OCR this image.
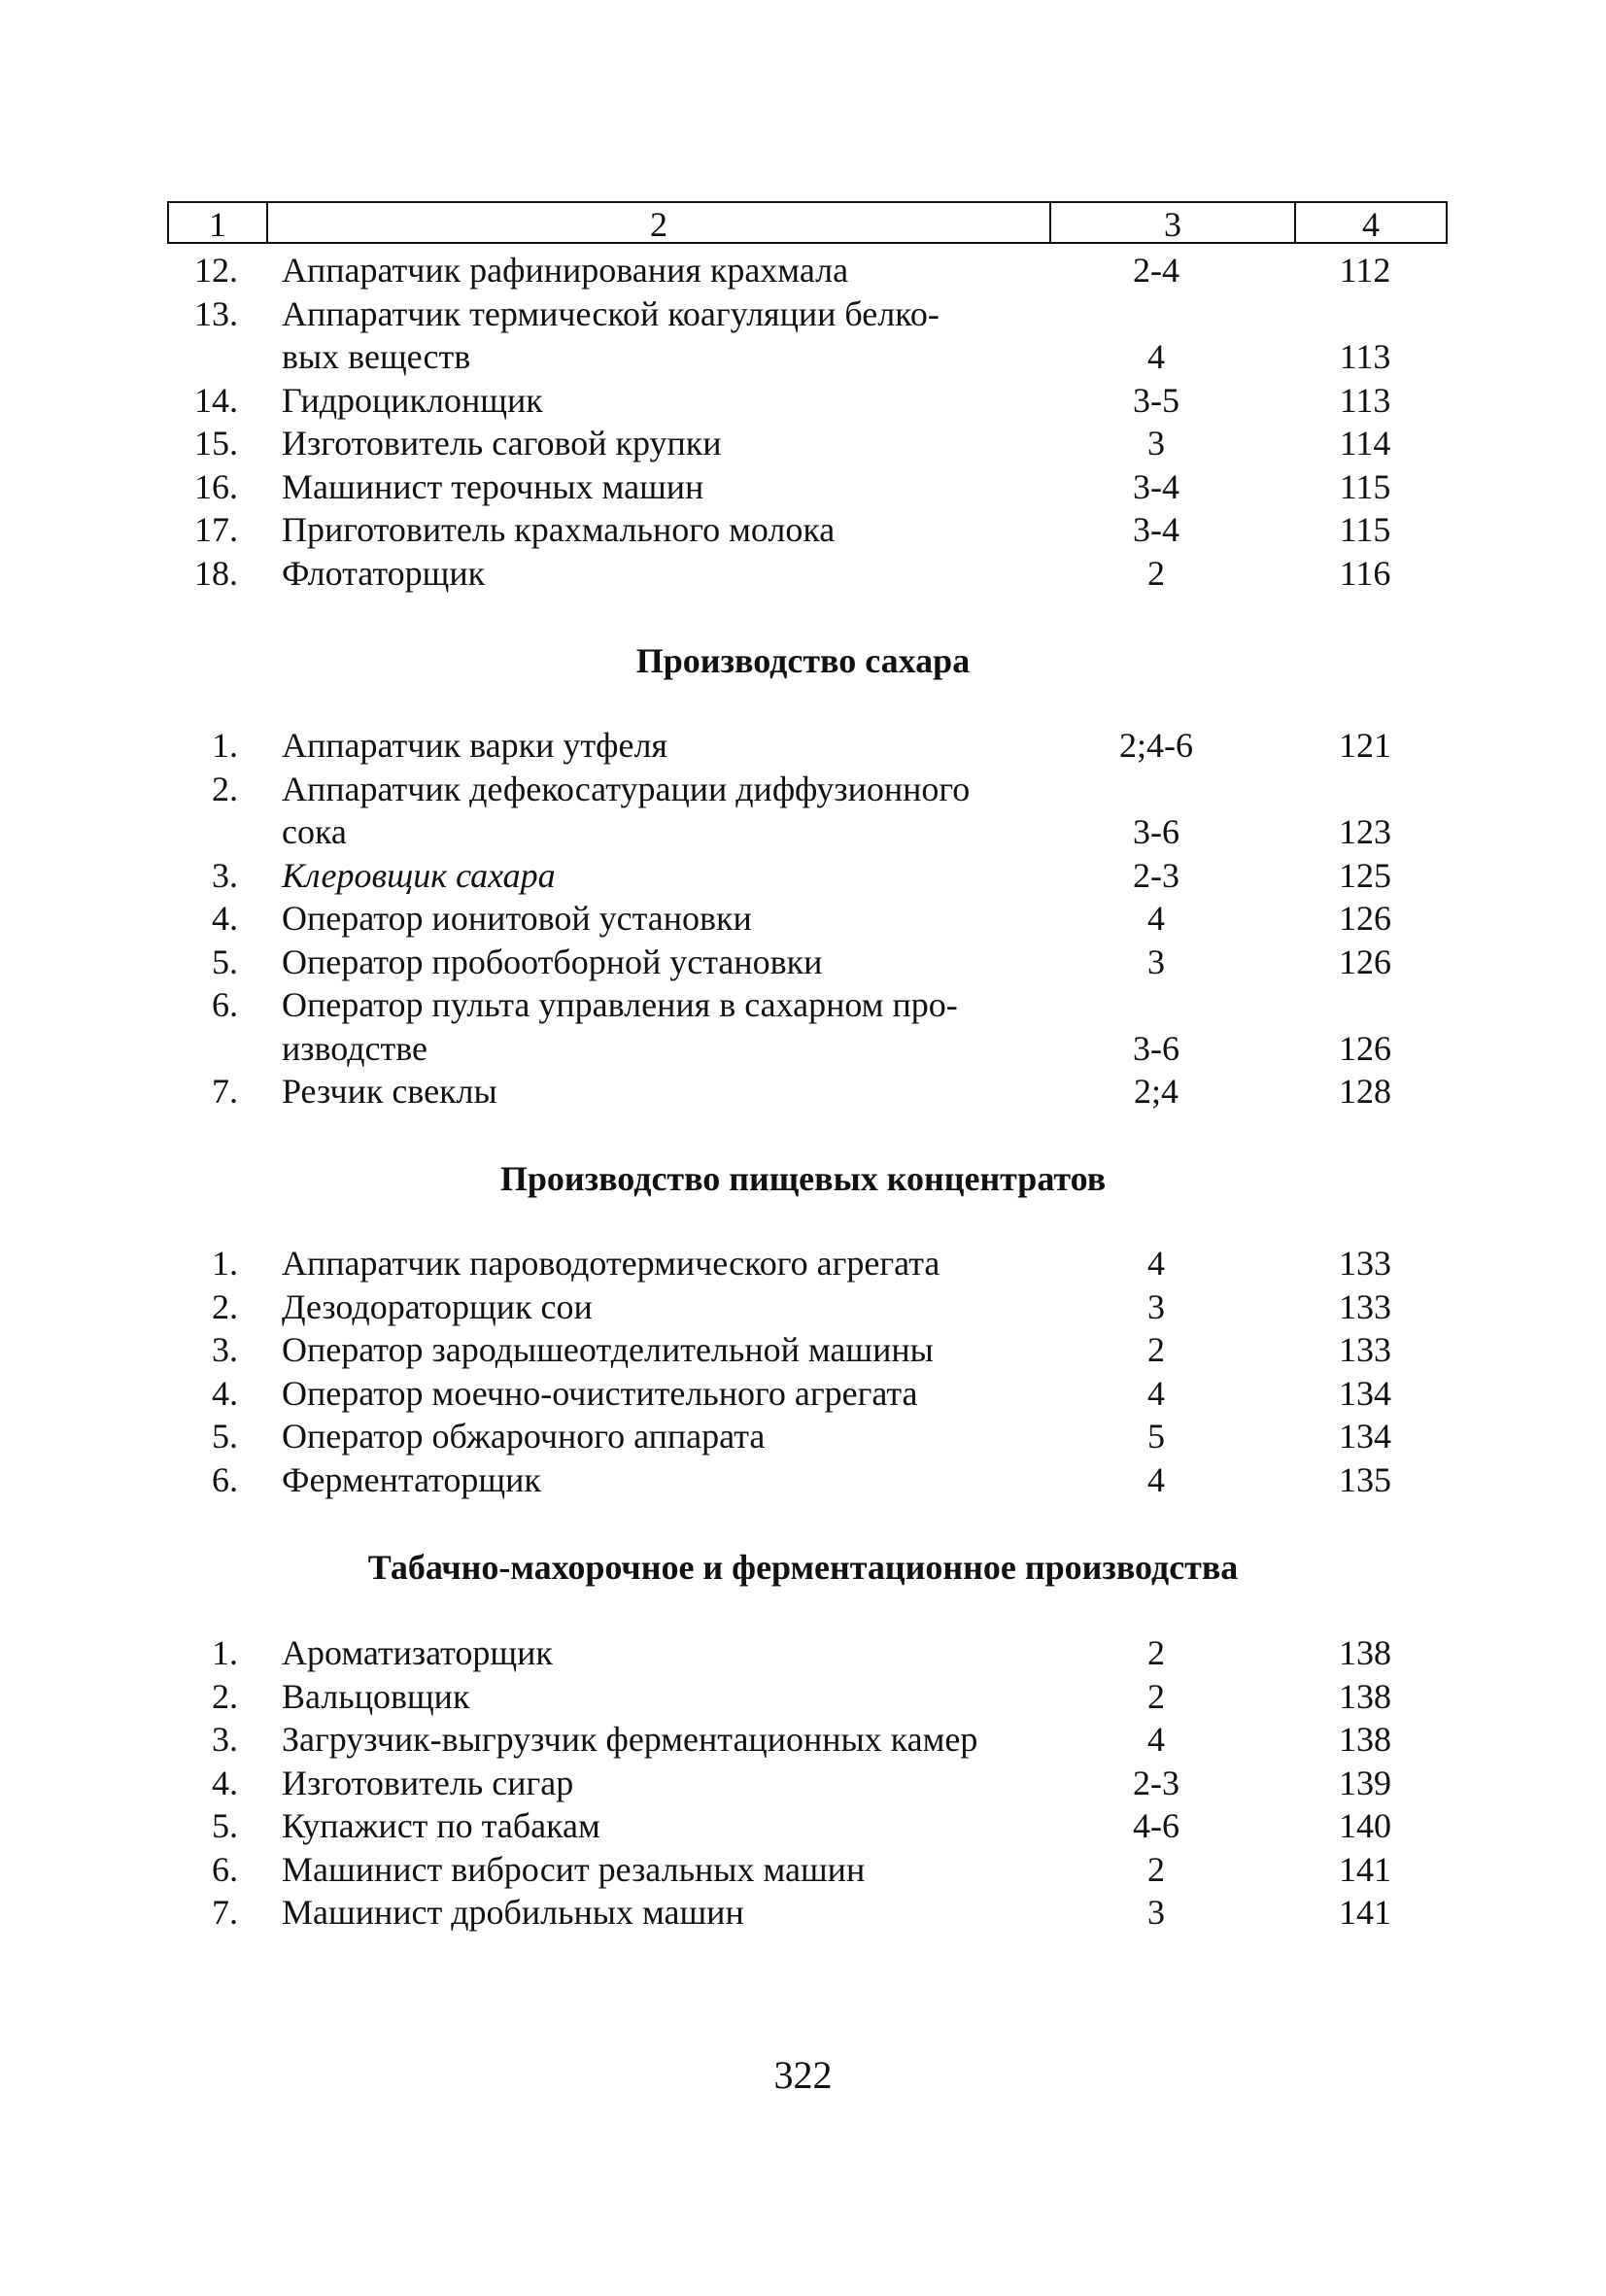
1	2	3	4
12. Аппаратчик рафинирования крахмала	2-4	112
13. Аппаратчик термической коагуляции белко-
вых веществ	4	113
14. Гидроциклонщик	3-5	113
15. Изготовитель саговой крупки	3	114
16. Машинист терочных машин	3-4	115
17. Приготовитель крахмального молока	3-4	115
18. Флотаторщик	2	116
Производство сахара
1. Аппаратчик варки утфеля	2;4-6	121
2. Аппаратчик дефекосатурации диффузионного
сока	3-6	123
3. Клеровщик сахара	2-3	125
4. Оператор ионитовой установки	4	126
5. Оператор пробоотборной установки	3	126
6. Оператор пульта управления в сахарном про-
изводстве	3-6	126
7. Резчик свеклы	2;4	128
Производство пищевых концентратов
1. Аппаратчик пароводотермического агрегата	4	133
2. Дезодораторщик сои	3	133
3. Оператор зародышеотделительной машины	2	133
4. Оператор моечно-очистительного агрегата	4	134
5. Оператор обжарочного аппарата	5	134
6. Ферментаторщик	4	135
Табачно-махорочное и ферментационное производства
1. Ароматизаторщик	2	138
2. Вальцовщик	2	138
3. Загрузчик-выгрузчик ферментационных камер	4	138
4. Изготовитель сигар	2-3	139
5. Купажист по табакам	4-6	140
6. Машинист вибросит резальных машин	2	141
7. Машинист дробильных машин	3	141
322
